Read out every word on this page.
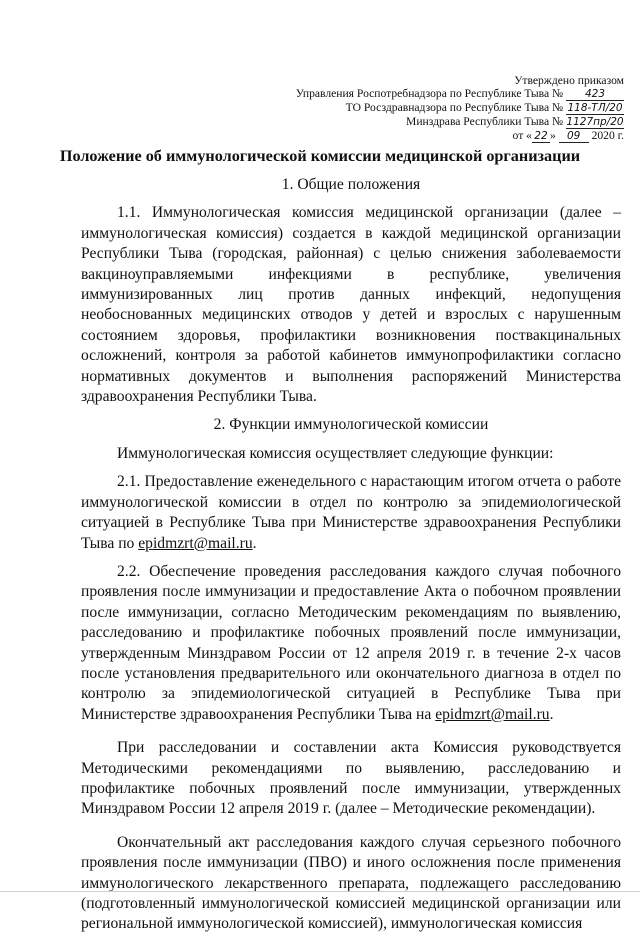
Утверждено приказом
Управления Роспотребнадзора по Республике Тыва № 423
ТО Росздравнадзора по Республике Тыва № 118-ТЛ/20
Минздрава Республики Тыва № 1127пр/20
от « 22 » 09 2020 г.
Положение об иммунологической комиссии медицинской организации

1. Общие положения

1.1. Иммунологическая комиссия медицинской организации (далее – иммунологическая комиссия) создается в каждой медицинской организации Республики Тыва (городская, районная) с целью снижения заболеваемости вакциноуправляемыми инфекциями в республике, увеличения иммунизированных лиц против данных инфекций, недопущения необоснованных медицинских отводов у детей и взрослых с нарушенным состоянием здоровья, профилактики возникновения поствакцинальных осложнений, контроля за работой кабинетов иммунопрофилактики согласно нормативных документов и выполнения распоряжений Министерства здравоохранения Республики Тыва.

2. Функции иммунологической комиссии

Иммунологическая комиссия осуществляет следующие функции:

2.1. Предоставление еженедельного с нарастающим итогом отчета о работе иммунологической комиссии в отдел по контролю за эпидемиологической ситуацией в Республике Тыва при Министерстве здравоохранения Республики Тыва по epidmzrt@mail.ru.

2.2. Обеспечение проведения расследования каждого случая побочного проявления после иммунизации и предоставление Акта о побочном проявлении после иммунизации, согласно Методическим рекомендациям по выявлению, расследованию и профилактике побочных проявлений после иммунизации, утвержденным Минздравом России от 12 апреля 2019 г. в течение 2-х часов после установления предварительного или окончательного диагноза в отдел по контролю за эпидемиологической ситуацией в Республике Тыва при Министерстве здравоохранения Республики Тыва на epidmzrt@mail.ru.

При расследовании и составлении акта Комиссия руководствуется Методическими рекомендациями по выявлению, расследованию и профилактике побочных проявлений после иммунизации, утвержденных Минздравом России 12 апреля 2019 г. (далее – Методические рекомендации).

Окончательный акт расследования каждого случая серьезного побочного проявления после иммунизации (ПВО) и иного осложнения после применения иммунологического лекарственного препарата, подлежащего расследованию (подготовленный иммунологической комиссией медицинской организации или региональной иммунологической комиссией), иммунологическая комиссия
